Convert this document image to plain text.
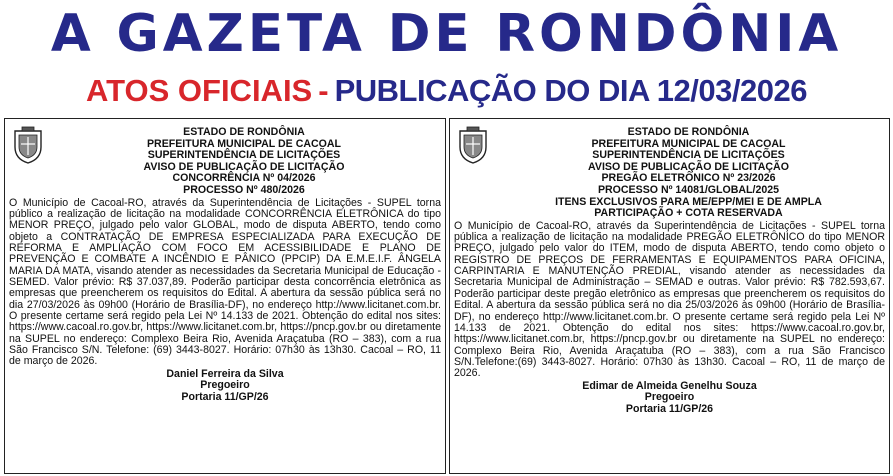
A GAZETA DE RONDÔNIA
ATOS OFICIAIS - PUBLICAÇÃO DO DIA 12/03/2026
ESTADO DE RONDÔNIA
PREFEITURA MUNICIPAL DE CACOAL
SUPERINTENDÊNCIA DE LICITAÇÕES
AVISO DE PUBLICAÇÃO DE LICITAÇÃO
CONCORRÊNCIA Nº 04/2026
PROCESSO Nº 480/2026
O Município de Cacoal-RO, através da Superintendência de Licitações - SUPEL torna público a realização de licitação na modalidade CONCORRÊNCIA ELETRÔNICA do tipo MENOR PREÇO, julgado pelo valor GLOBAL, modo de disputa ABERTO, tendo como objeto a CONTRATAÇÃO DE EMPRESA ESPECIALIZADA PARA EXECUÇÃO DE REFORMA E AMPLIAÇÃO COM FOCO EM ACESSIBILIDADE E PLANO DE PREVENÇÃO E COMBATE A INCÊNDIO E PÂNICO (PPCIP) DA E.M.E.I.F. ÂNGELA MARIA DA MATA, visando atender as necessidades da Secretaria Municipal de Educação - SEMED. Valor prévio: R$ 37.037,89. Poderão participar desta concorrência eletrônica as empresas que preencherem os requisitos do Edital. A abertura da sessão pública será no dia 27/03/2026 às 09h00 (Horário de Brasília-DF), no endereço http://www.licitanet.com.br. O presente certame será regido pela Lei Nº 14.133 de 2021. Obtenção do edital nos sites: https://www.cacoal.ro.gov.br, https://www.licitanet.com.br, https://pncp.gov.br ou diretamente na SUPEL no endereço: Complexo Beira Rio, Avenida Araçatuba (RO – 383), com a rua São Francisco S/N. Telefone: (69) 3443-8027. Horário: 07h30 às 13h30. Cacoal – RO, 11 de março de 2026.
Daniel Ferreira da Silva
Pregoeiro
Portaria 11/GP/26
ESTADO DE RONDÔNIA
PREFEITURA MUNICIPAL DE CACOAL
SUPERINTENDÊNCIA DE LICITAÇÕES
AVISO DE PUBLICAÇÃO DE LICITAÇÃO
PREGÃO ELETRÔNICO Nº 23/2026
PROCESSO Nº 14081/GLOBAL/2025
ITENS EXCLUSIVOS PARA ME/EPP/MEI E DE AMPLA
PARTICIPAÇÃO + COTA RESERVADA
O Município de Cacoal-RO, através da Superintendência de Licitações - SUPEL torna pública a realização de licitação na modalidade PREGÃO ELETRÔNICO do tipo MENOR PREÇO, julgado pelo valor do ITEM, modo de disputa ABERTO, tendo como objeto o REGISTRO DE PREÇOS DE FERRAMENTAS E EQUIPAMENTOS PARA OFICINA, CARPINTARIA E MANUTENÇÃO PREDIAL, visando atender as necessidades da Secretaria Municipal de Administração – SEMAD e outras. Valor prévio: R$ 782.593,67. Poderão participar deste pregão eletrônico as empresas que preencherem os requisitos do Edital. A abertura da sessão pública será no dia 25/03/2026 às 09h00 (Horário de Brasília-DF), no endereço http://www.licitanet.com.br. O presente certame será regido pela Lei Nº 14.133 de 2021. Obtenção do edital nos sites: https://www.cacoal.ro.gov.br, https://www.licitanet.com.br, https://pncp.gov.br ou diretamente na SUPEL no endereço: Complexo Beira Rio, Avenida Araçatuba (RO – 383), com a rua São Francisco S/N.Telefone:(69) 3443-8027. Horário: 07h30 às 13h30. Cacoal – RO, 11 de março de 2026.
Edimar de Almeida Genelhu Souza
Pregoeiro
Portaria 11/GP/26
